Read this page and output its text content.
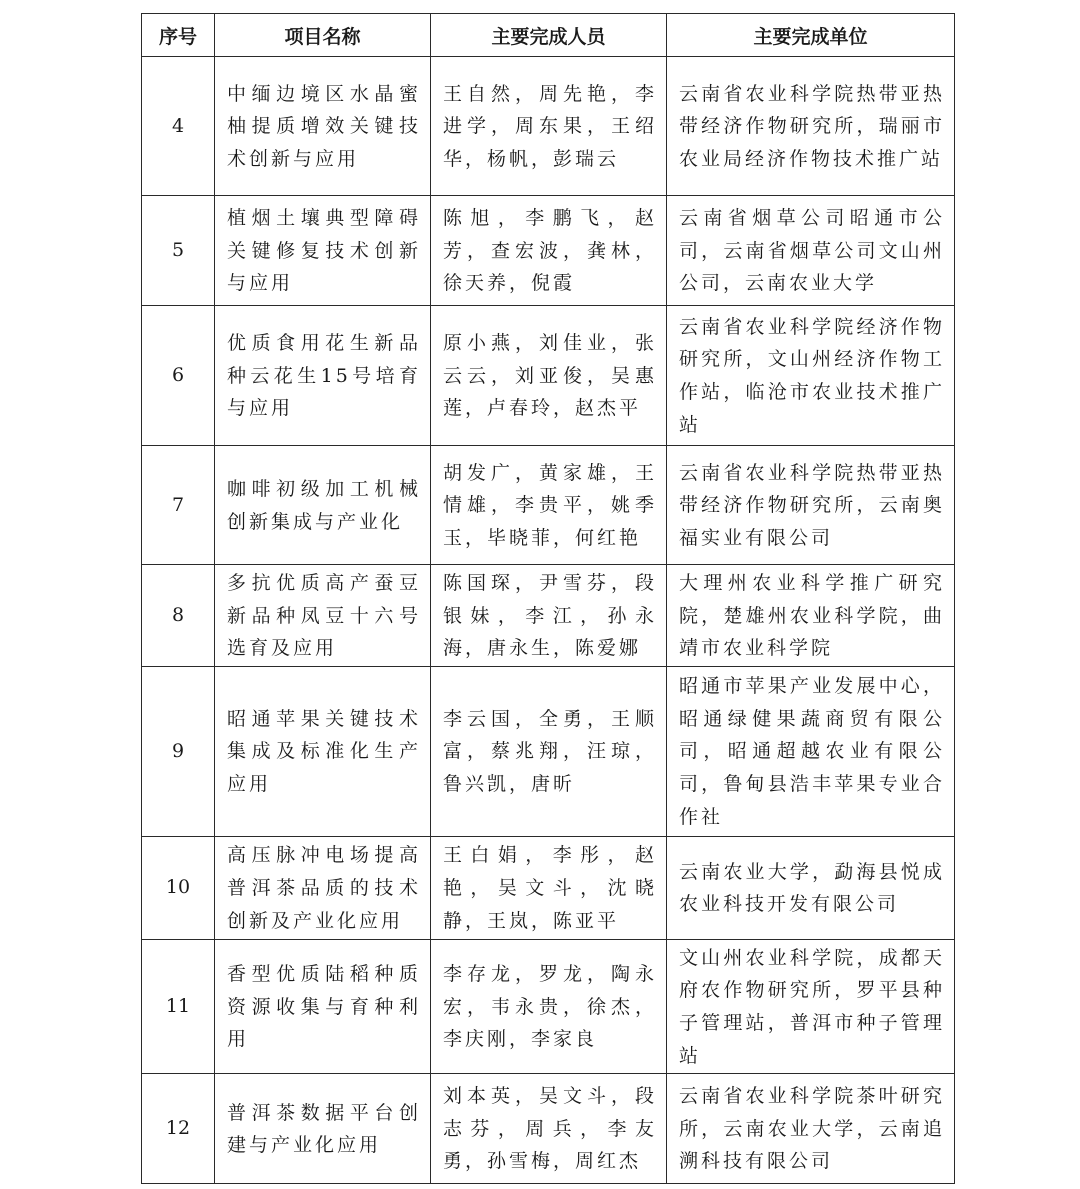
序号	项目名称	主要完成人员	主要完成单位
4	中缅边境区水晶蜜柚提质增效关键技术创新与应用	王自然，周先艳，李进学，周东果，王绍华，杨帆，彭瑞云	云南省农业科学院热带亚热带经济作物研究所，瑞丽市农业局经济作物技术推广站
5	植烟土壤典型障碍关键修复技术创新与应用	陈旭，李鹏飞，赵芳，查宏波，龚林，徐天养，倪霞	云南省烟草公司昭通市公司，云南省烟草公司文山州公司，云南农业大学
6	优质食用花生新品种云花生15号培育与应用	原小燕，刘佳业，张云云，刘亚俊，吴惠莲，卢春玲，赵杰平	云南省农业科学院经济作物研究所，文山州经济作物工作站，临沧市农业技术推广站
7	咖啡初级加工机械创新集成与产业化	胡发广，黄家雄，王情雄，李贵平，姚季玉，毕晓菲，何红艳	云南省农业科学院热带亚热带经济作物研究所，云南奥福实业有限公司
8	多抗优质高产蚕豆新品种凤豆十六号选育及应用	陈国琛，尹雪芬，段银妹，李江，孙永海，唐永生，陈爱娜	大理州农业科学推广研究院，楚雄州农业科学院，曲靖市农业科学院
9	昭通苹果关键技术集成及标准化生产应用	李云国，全勇，王顺富，蔡兆翔，汪琼，鲁兴凯，唐昕	昭通市苹果产业发展中心，昭通绿健果蔬商贸有限公司，昭通超越农业有限公司，鲁甸县浩丰苹果专业合作社
10	高压脉冲电场提高普洱茶品质的技术创新及产业化应用	王白娟，李彤，赵艳，吴文斗，沈晓静，王岚，陈亚平	云南农业大学，勐海县悦成农业科技开发有限公司
11	香型优质陆稻种质资源收集与育种利用	李存龙，罗龙，陶永宏，韦永贵，徐杰，李庆刚，李家良	文山州农业科学院，成都天府农作物研究所，罗平县种子管理站，普洱市种子管理站
12	普洱茶数据平台创建与产业化应用	刘本英，吴文斗，段志芬，周兵，李友勇，孙雪梅，周红杰	云南省农业科学院茶叶研究所，云南农业大学，云南追溯科技有限公司
